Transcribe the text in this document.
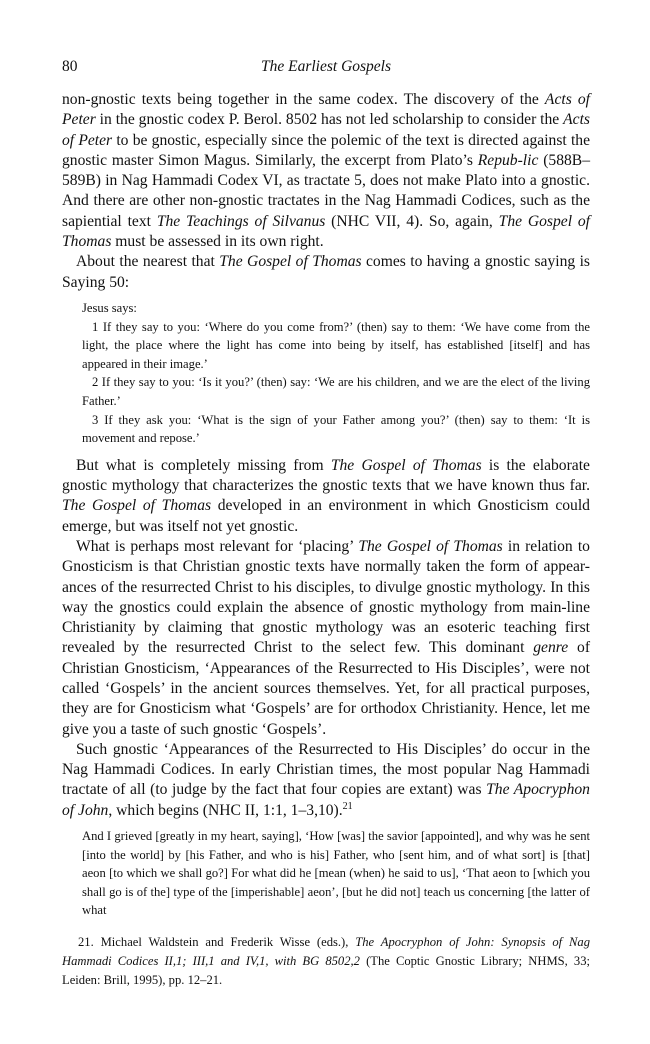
80	The Earliest Gospels

non-gnostic texts being together in the same codex. The discovery of the Acts of Peter in the gnostic codex P. Berol. 8502 has not led scholarship to consider the Acts of Peter to be gnostic, especially since the polemic of the text is directed against the gnostic master Simon Magus. Similarly, the excerpt from Plato’s Repub-lic (588B–589B) in Nag Hammadi Codex VI, as tractate 5, does not make Plato into a gnostic. And there are other non-gnostic tractates in the Nag Hammadi Codices, such as the sapiential text The Teachings of Silvanus (NHC VII, 4). So, again, The Gospel of Thomas must be assessed in its own right.

About the nearest that The Gospel of Thomas comes to having a gnostic saying is Saying 50:

Jesus says:

1 If they say to you: ‘Where do you come from?’ (then) say to them: ‘We have come from the light, the place where the light has come into being by itself, has established [itself] and has appeared in their image.’

2 If they say to you: ‘Is it you?’ (then) say: ‘We are his children, and we are the elect of the living Father.’

3 If they ask you: ‘What is the sign of your Father among you?’ (then) say to them: ‘It is movement and repose.’

But what is completely missing from The Gospel of Thomas is the elaborate gnostic mythology that characterizes the gnostic texts that we have known thus far. The Gospel of Thomas developed in an environment in which Gnosticism could emerge, but was itself not yet gnostic.

What is perhaps most relevant for ‘placing’ The Gospel of Thomas in relation to Gnosticism is that Christian gnostic texts have normally taken the form of appear-ances of the resurrected Christ to his disciples, to divulge gnostic mythology. In this way the gnostics could explain the absence of gnostic mythology from main-line Christianity by claiming that gnostic mythology was an esoteric teaching first revealed by the resurrected Christ to the select few. This dominant genre of Christian Gnosticism, ‘Appearances of the Resurrected to His Disciples’, were not called ‘Gospels’ in the ancient sources themselves. Yet, for all practical purposes, they are for Gnosticism what ‘Gospels’ are for orthodox Christianity. Hence, let me give you a taste of such gnostic ‘Gospels’.

Such gnostic ‘Appearances of the Resurrected to His Disciples’ do occur in the Nag Hammadi Codices. In early Christian times, the most popular Nag Hammadi tractate of all (to judge by the fact that four copies are extant) was The Apocryphon of John, which begins (NHC II, 1:1, 1–3,10).$^{21}$

And I grieved [greatly in my heart, saying], ‘How [was] the savior [appointed], and why was he sent [into the world] by [his Father, and who is his] Father, who [sent him, and of what sort] is [that] aeon [to which we shall go?] For what did he [mean (when) he said to us], ‘That aeon to [which you shall go is of the] type of the [imperishable] aeon’, [but he did not] teach us concerning [the latter of what

21. Michael Waldstein and Frederik Wisse (eds.), The Apocryphon of John: Synopsis of Nag Hammadi Codices II,1; III,1 and IV,1, with BG 8502,2 (The Coptic Gnostic Library; NHMS, 33; Leiden: Brill, 1995), pp. 12–21.
